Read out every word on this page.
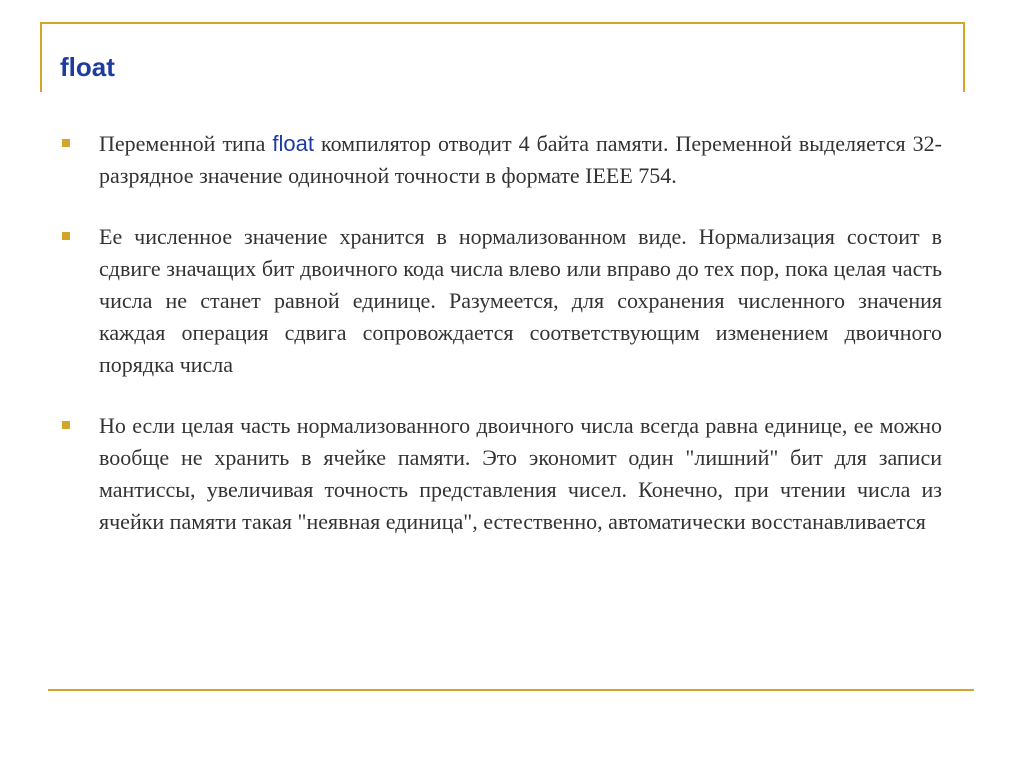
float
Переменной типа float компилятор отводит 4 байта памяти. Переменной выделяется 32-разрядное значение одиночной точности в формате IEEE 754.
Ее численное значение хранится в нормализованном виде. Нормализация состоит в сдвиге значащих бит двоичного кода числа влево или вправо до тех пор, пока целая часть числа не станет равной единице. Разумеется, для сохранения численного значения каждая операция сдвига сопровождается соответствующим изменением двоичного порядка числа
Но если целая часть нормализованного двоичного числа всегда равна единице, ее можно вообще не хранить в ячейке памяти. Это экономит один "лишний" бит для записи мантиссы, увеличивая точность представления чисел. Конечно, при чтении числа из ячейки памяти такая "неявная единица", естественно, автоматически восстанавливается
